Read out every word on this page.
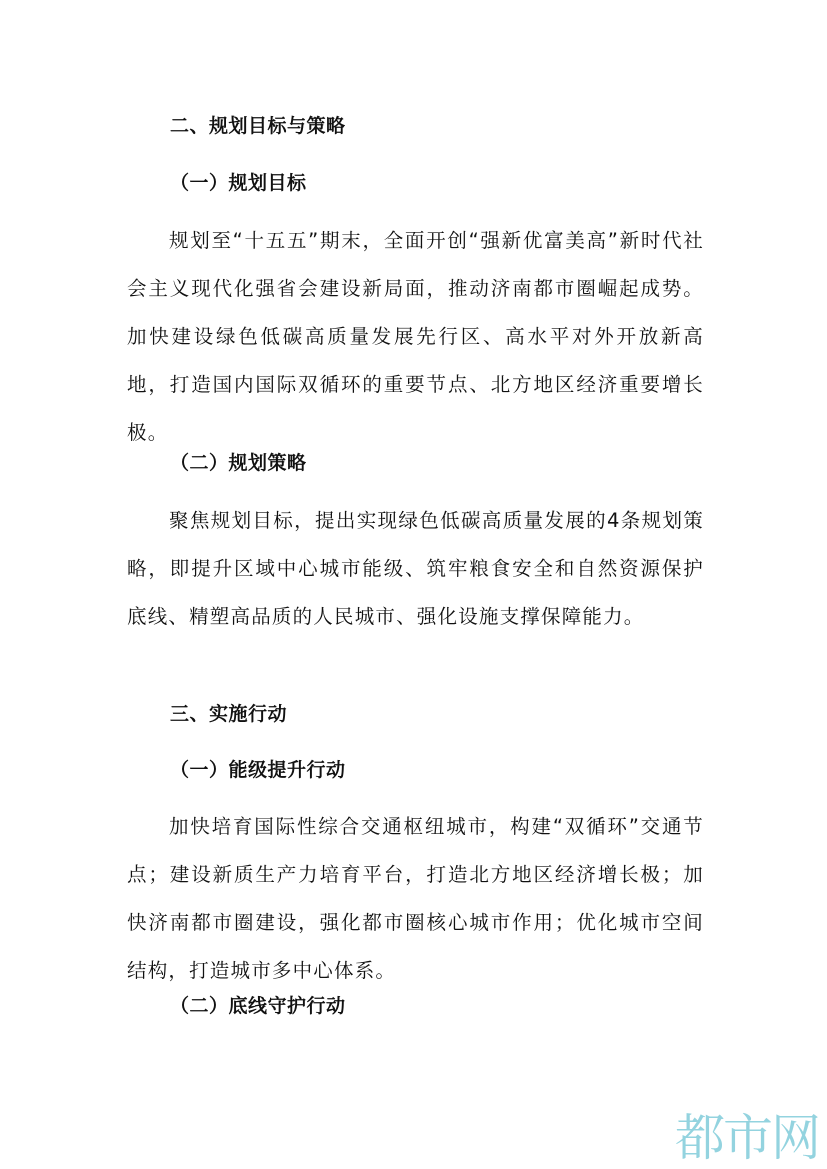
二、规划目标与策略
（一）规划目标
规划至“十五五”期末，全面开创“强新优富美高”新时代社会主义现代化强省会建设新局面，推动济南都市圈崛起成势。加快建设绿色低碳高质量发展先行区、高水平对外开放新高地，打造国内国际双循环的重要节点、北方地区经济重要增长极。
（二）规划策略
聚焦规划目标，提出实现绿色低碳高质量发展的4条规划策略，即提升区域中心城市能级、筑牢粮食安全和自然资源保护底线、精塑高品质的人民城市、强化设施支撑保障能力。
三、实施行动
（一）能级提升行动
加快培育国际性综合交通枢纽城市，构建“双循环”交通节点；建设新质生产力培育平台，打造北方地区经济增长极；加快济南都市圈建设，强化都市圈核心城市作用；优化城市空间结构，打造城市多中心体系。
（二）底线守护行动
都市网
